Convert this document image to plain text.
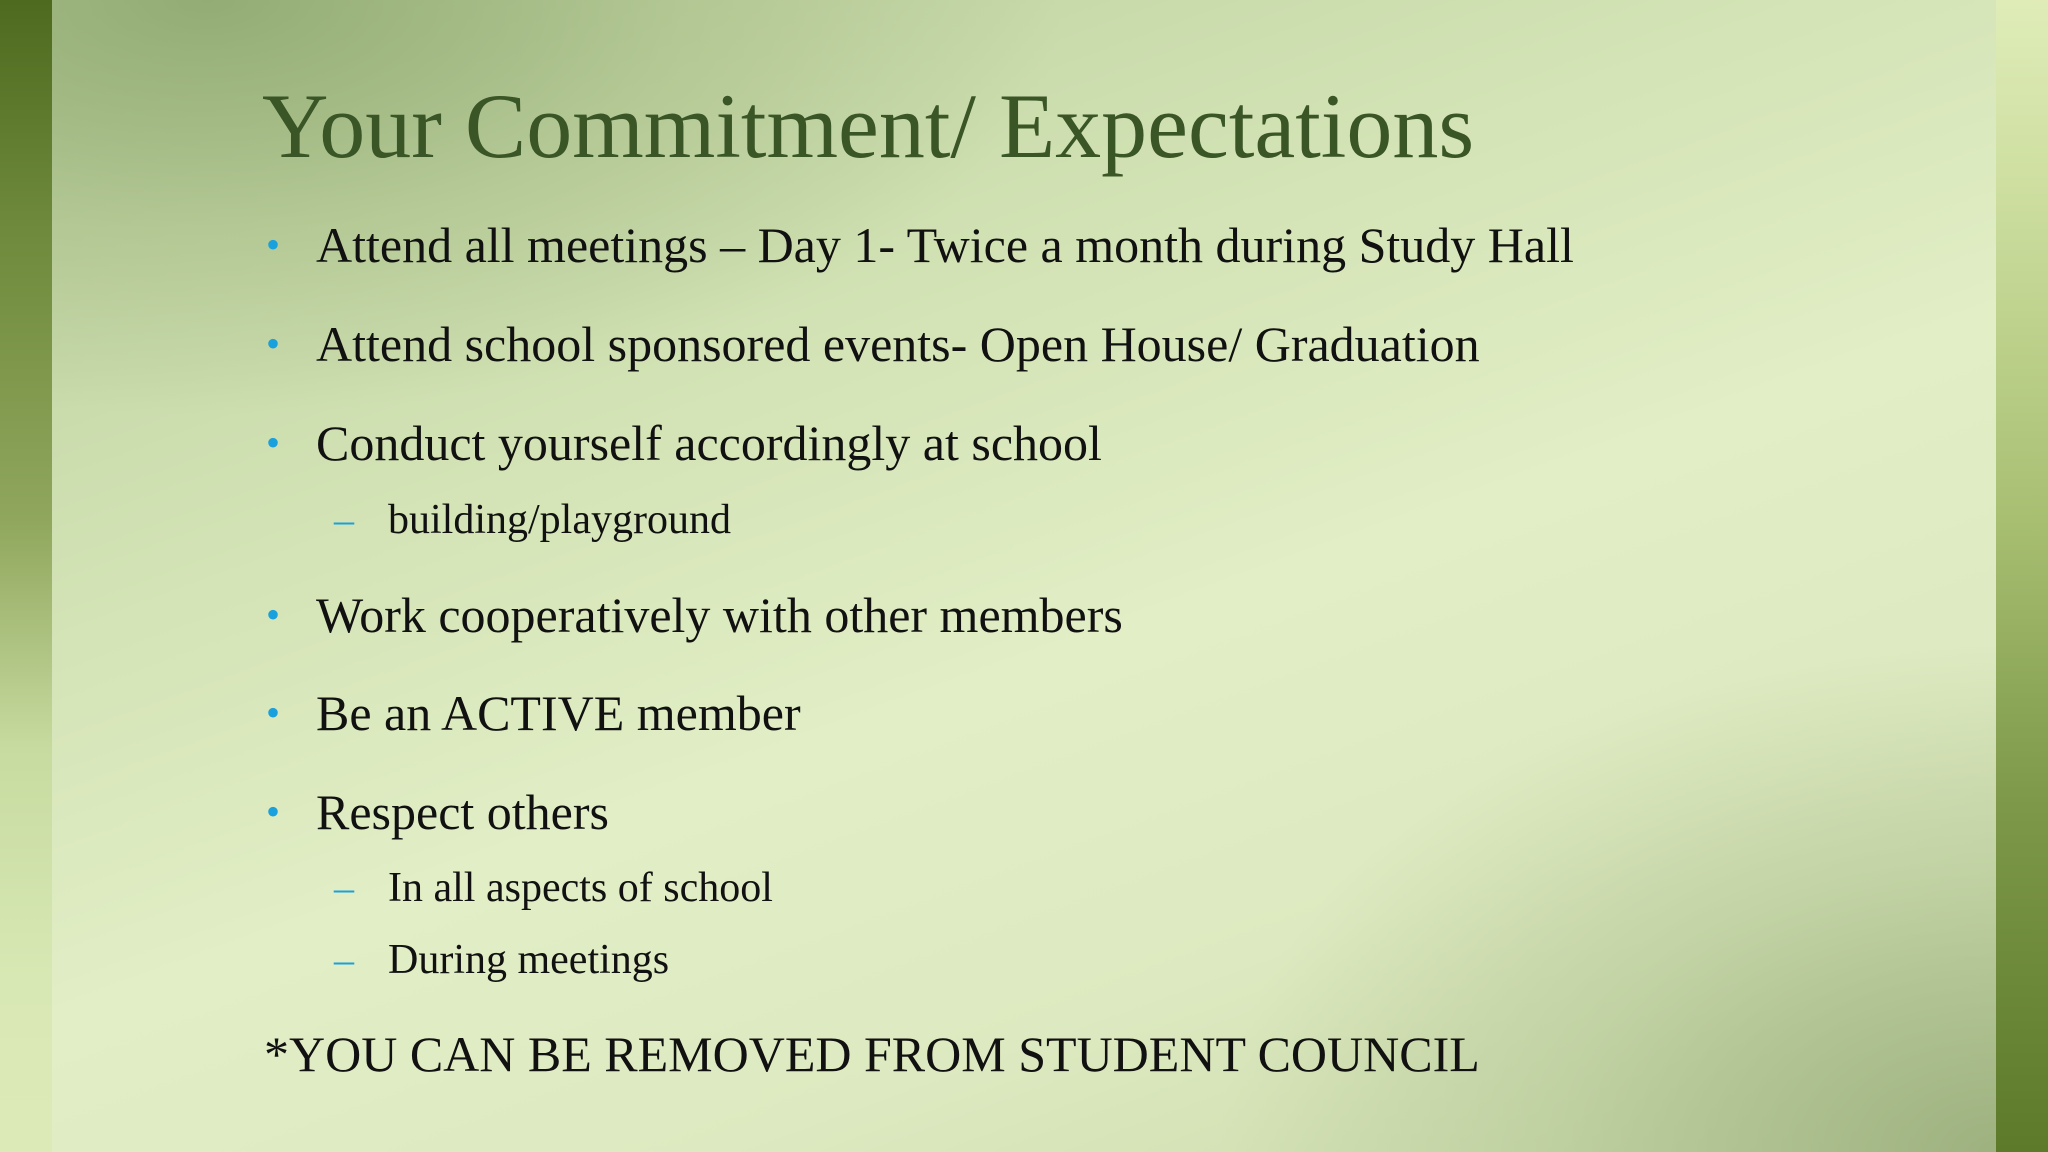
Your Commitment/ Expectations
• Attend all meetings – Day 1- Twice a month during Study Hall
• Attend school sponsored events- Open House/ Graduation
• Conduct yourself accordingly at school
– building/playground
• Work cooperatively with other members
• Be an ACTIVE member
• Respect others
– In all aspects of school
– During meetings
*YOU CAN BE REMOVED FROM STUDENT COUNCIL
